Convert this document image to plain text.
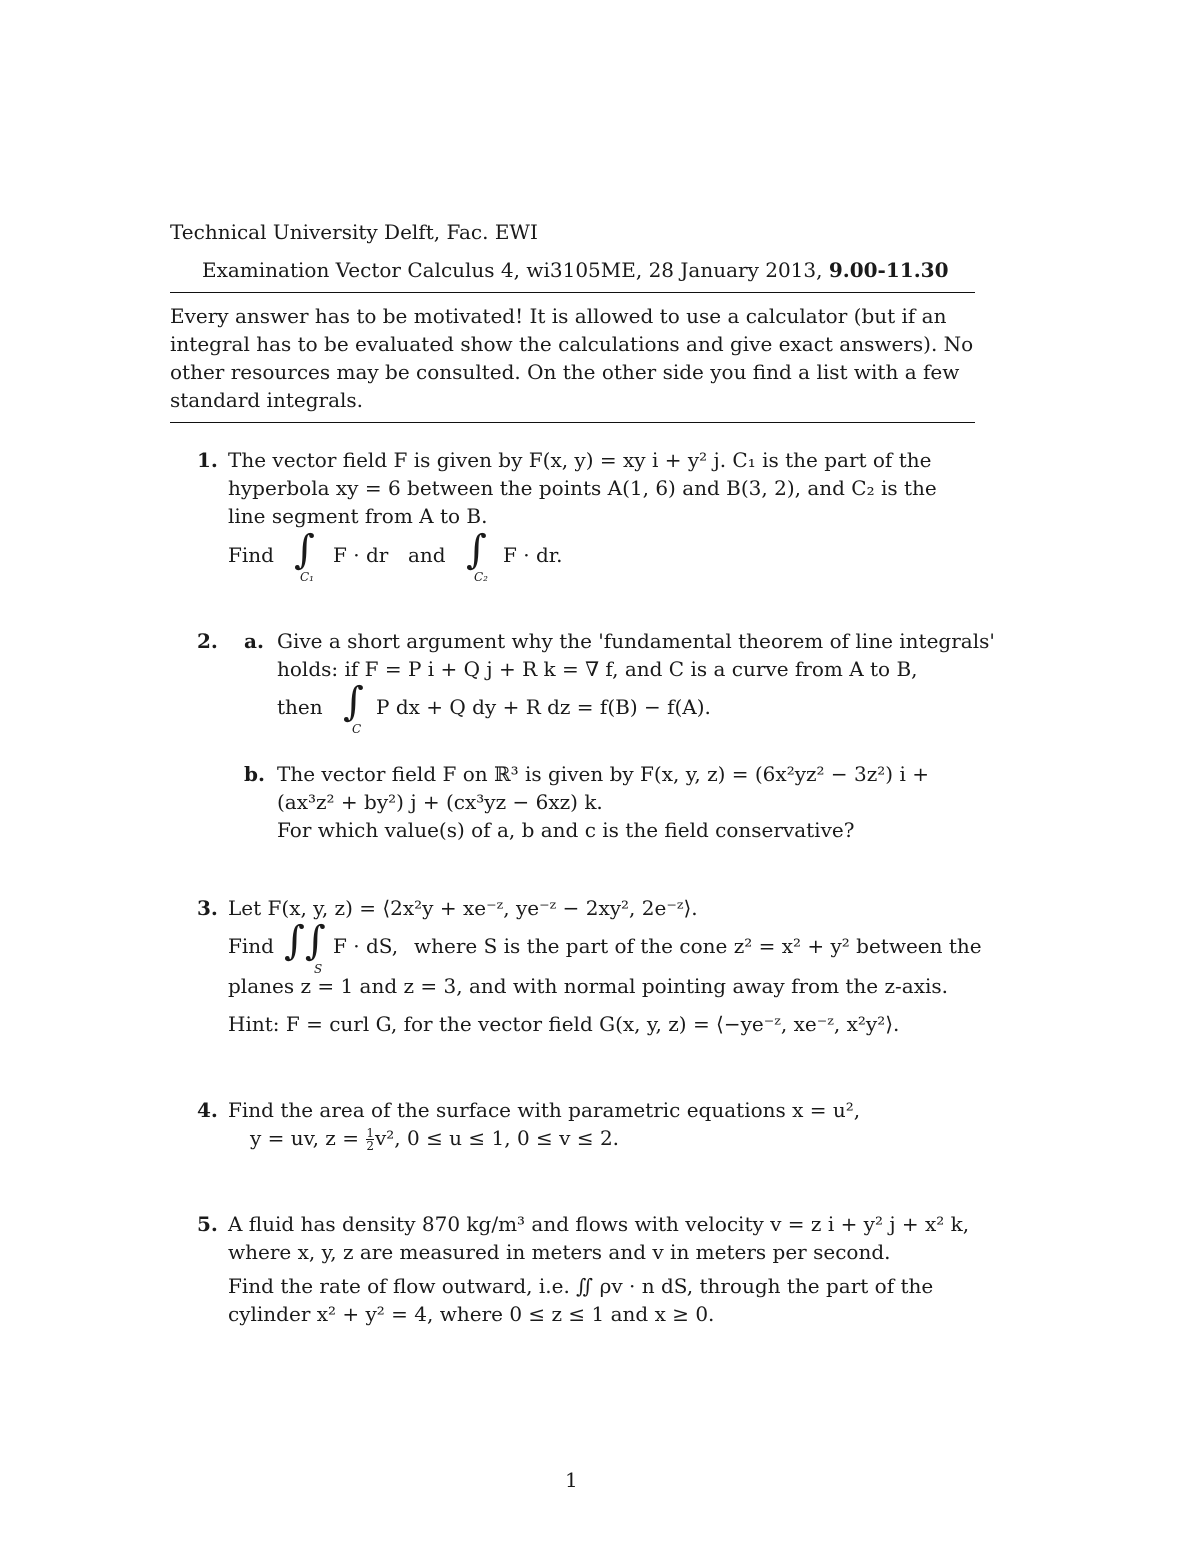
Technical University Delft, Fac. EWI
Examination Vector Calculus 4, wi3105ME, 28 January 2013, 9.00-11.30
Every answer has to be motivated! It is allowed to use a calculator (but if an
integral has to be evaluated show the calculations and give exact answers). No
other resources may be consulted. On the other side you find a list with a few
standard integrals.
1. The vector field F is given by F(x, y) = xy i + y² j. C₁ is the part of the
hyperbola xy = 6 between the points A(1, 6) and B(3, 2), and C₂ is the
line segment from A to B.
Find ∫
C₁
F · dr and ∫
C₂
F · dr.
2. a. Give a short argument why the 'fundamental theorem of line integrals'
holds: if F = P i + Q j + R k = ∇ f, and C is a curve from A to B,
then ∫
C
P dx + Q dy + R dz = f(B) − f(A).
b. The vector field F on ℝ³ is given by F(x, y, z) = (6x²yz² − 3z²) i +
(ax³z² + by²) j + (cx³yz − 6xz) k.
For which value(s) of a, b and c is the field conservative?
3. Let F(x, y, z) = ⟨2x²y + xe⁻ᶻ, ye⁻ᶻ − 2xy², 2e⁻ᶻ⟩.
Find ∫∫
S
F · dS, where S is the part of the cone z² = x² + y² between the
planes z = 1 and z = 3, and with normal pointing away from the z-axis.
Hint: F = curl G, for the vector field G(x, y, z) = ⟨−ye⁻ᶻ, xe⁻ᶻ, x²y²⟩.
4. Find the area of the surface with parametric equations x = u²,
y = uv, $z = \frac{1}{2} v^2$, 0 ≤ u ≤ 1, 0 ≤ v ≤ 2.
5. A fluid has density 870 kg/m³ and flows with velocity v = z i + y² j + x² k,
where x, y, z are measured in meters and v in meters per second.
Find the rate of flow outward, i.e. ∬ ρv · n dS, through the part of the
cylinder x² + y² = 4, where 0 ≤ z ≤ 1 and x ≥ 0.
1
